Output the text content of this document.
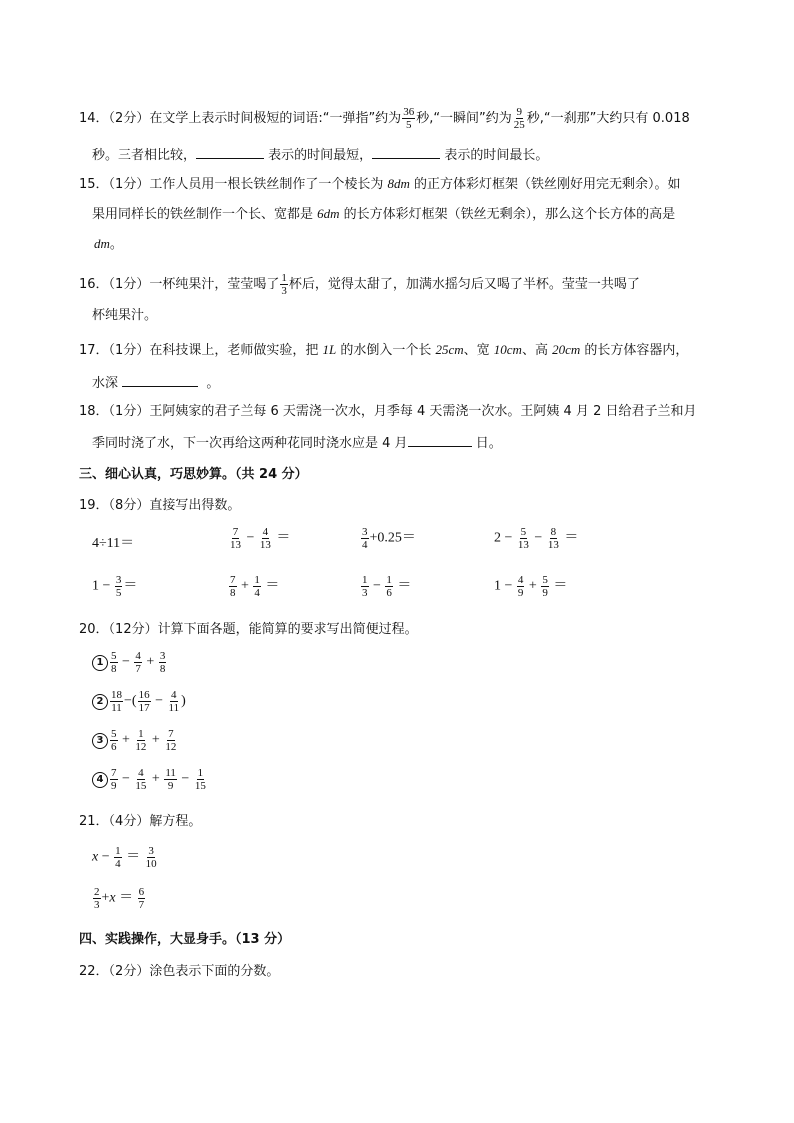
14．（2分）在文学上表示时间极短的词语:“一弹指”约为 $\frac{36}{5}$ 秒,“一瞬间”约为 $\frac{9}{25}$ 秒,“一刹那”大约只有 0.018
秒。三者相比较，	表示的时间最短，	表示的时间最长。
15．（1分）工作人员用一根长铁丝制作了一个棱长为 8dm 的正方体彩灯框架（铁丝刚好用完无剩余）。如
果用同样长的铁丝制作一个长、宽都是 6dm 的长方体彩灯框架（铁丝无剩余），那么这个长方体的高是
dm。
16．（1分）一杯纯果汁，莹莹喝了 $\frac{1}{3}$ 杯后，觉得太甜了，加满水摇匀后又喝了半杯。莹莹一共喝了
杯纯果汁。
17．（1分）在科技课上，老师做实验，把 1L 的水倒入一个长 25cm、宽 10cm、高 20cm 的长方体容器内，
水深	。
18．（1分）王阿姨家的君子兰每 6 天需浇一次水，月季每 4 天需浇一次水。王阿姨 4 月 2 日给君子兰和月
季同时浇了水，下一次再给这两种花同时浇水应是 4 月	日。
三、细心认真，巧思妙算。（共 24 分）
19．（8分）直接写出得数。
4÷11＝	$\frac{7}{13} - \frac{4}{13}$ ＝	$\frac{3}{4} +0.25=$	$2 - \frac{5}{13} - \frac{8}{13}$ ＝
$1 - \frac{3}{5}$ ＝	$\frac{7}{8} + \frac{1}{4}$ ＝	$\frac{1}{3} - \frac{1}{6}$ ＝	$1 - \frac{4}{9} + \frac{5}{9}$ ＝
20．（12分）计算下面各题，能简算的要求写出简便过程。
$1 \frac{5}{8} - \frac{4}{7} + \frac{3}{8}$
$2 \frac{18}{11}$ −( $\frac{16}{17} - \frac{4}{11}$ )
$3 \frac{5}{6} + \frac{1}{12} + \frac{7}{12}$
$4 \frac{7}{9} - \frac{4}{15} + \frac{11}{9} - \frac{1}{15}$
21．（4分）解方程。
$x - \frac{1}{4} = \frac{3}{10}$
$\frac{2}{3} +x = \frac{6}{7}$
四、实践操作，大显身手。（13 分）
22．（2分）涂色表示下面的分数。
